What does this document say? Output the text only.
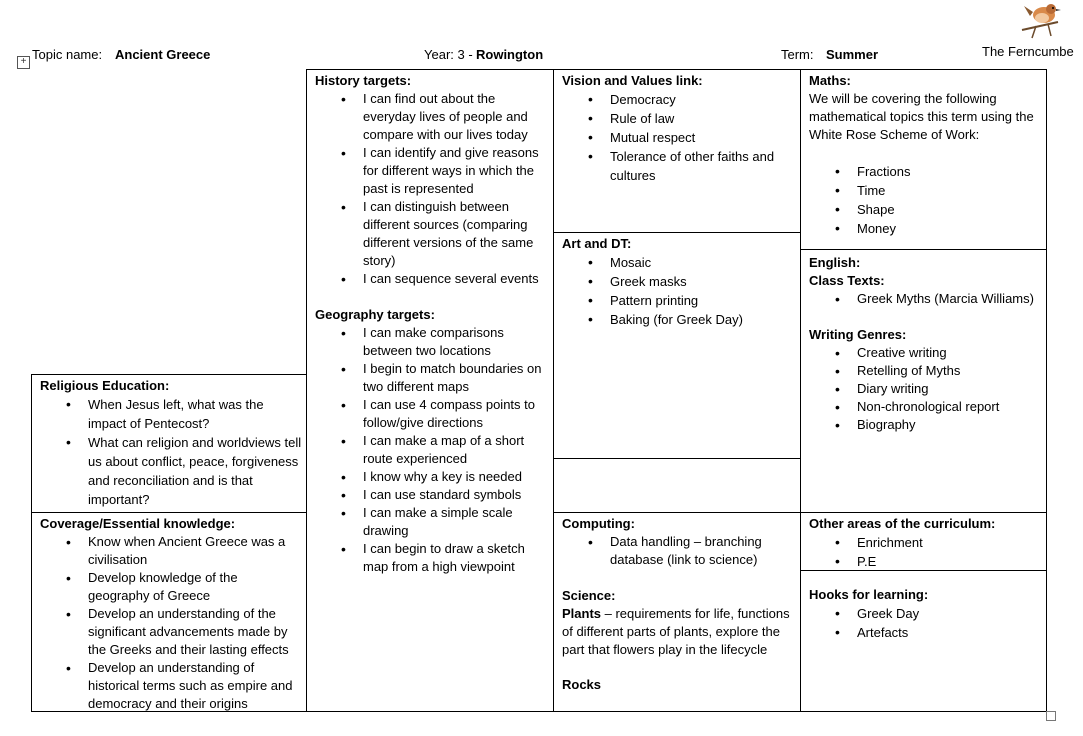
+ Topic name: Ancient Greece	Year: 3 - Rowington	Term: Summer	The Ferncumbe
Religious Education:
• When Jesus left, what was the impact of Pentecost?
• What can religion and worldviews tell us about conflict, peace, forgiveness and reconciliation and is that important?
Coverage/Essential knowledge:
• Know when Ancient Greece was a civilisation
• Develop knowledge of the geography of Greece
• Develop an understanding of the significant advancements made by the Greeks and their lasting effects
• Develop an understanding of historical terms such as empire and democracy and their origins
History targets:
• I can find out about the everyday lives of people and compare with our lives today
• I can identify and give reasons for different ways in which the past is represented
• I can distinguish between different sources (comparing different versions of the same story)
• I can sequence several events
Geography targets:
• I can make comparisons between two locations
• I begin to match boundaries on two different maps
• I can use 4 compass points to follow/give directions
• I can make a map of a short route experienced
• I know why a key is needed
• I can use standard symbols
• I can make a simple scale drawing
• I can begin to draw a sketch map from a high viewpoint
Vision and Values link:
• Democracy
• Rule of law
• Mutual respect
• Tolerance of other faiths and cultures
Art and DT:
• Mosaic
• Greek masks
• Pattern printing
• Baking (for Greek Day)
Computing:
• Data handling – branching database (link to science)
Science:

Plants – requirements for life, functions of different parts of plants, explore the part that flowers play in the lifecycle

Rocks
Maths:

We will be covering the following mathematical topics this term using the White Rose Scheme of Work:

• Fractions
• Time
• Shape
• Money
English:
Class Texts:
• Greek Myths (Marcia Williams)
Writing Genres:
• Creative writing
• Retelling of Myths
• Diary writing
• Non-chronological report
• Biography
Other areas of the curriculum:
• Enrichment
• P.E
Hooks for learning:
• Greek Day
• Artefacts
